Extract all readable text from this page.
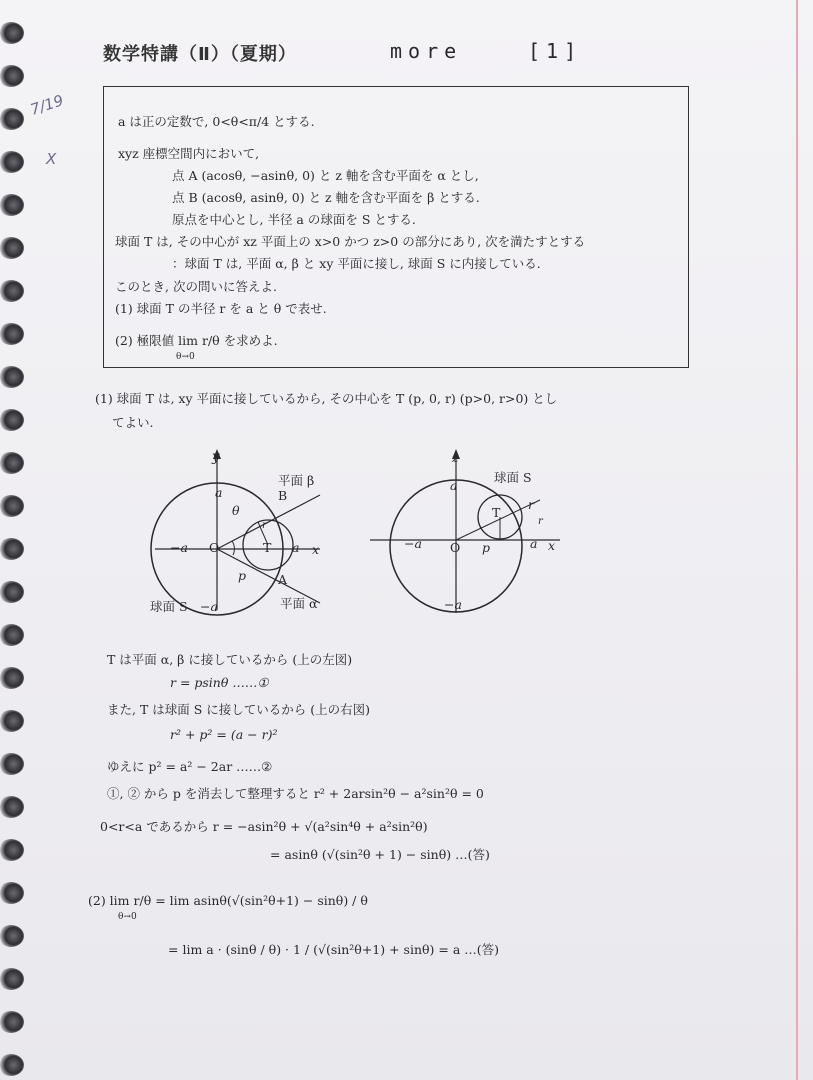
数学特講（Ⅱ）（夏期）	more	[1]
7/19
X
a は正の定数で, 0<θ<π/4 とする.
xyz 座標空間内において,
点 A (acosθ, −asinθ, 0) と z 軸を含む平面を α とし,
点 B (acosθ, asinθ, 0) と z 軸を含む平面を β とする.
原点を中心とし, 半径 a の球面を S とする.
球面 T は, その中心が xz 平面上の x>0 かつ z>0 の部分にあり, 次を満たすとする
：球面 T は, 平面 α, β と xy 平面に接し, 球面 S に内接している.
このとき, 次の問いに答えよ.
(1) 球面 T の半径 r を a と θ で表せ.
(2) 極限値 lim r/θ を求めよ.
θ→0
(1) 球面 T は, xy 平面に接しているから, その中心を T (p, 0, r) (p>0, r>0) とし
てよい.
y
a
平面 β
B
θ
r
T a x
−a O
p	A
球面 S −a	平面 α
z
a
球面 S
T
r
r
−a O p	a x
−a
T は平面 α, β に接しているから (上の左図)
r = psinθ ……①
また, T は球面 S に接しているから (上の右図)
r² + p² = (a − r)²
ゆえに p² = a² − 2ar ……②
①, ② から p を消去して整理すると r² + 2arsin²θ − a²sin²θ = 0
0<r<a であるから r = −asin²θ + √(a²sin⁴θ + a²sin²θ)
= asinθ (√(sin²θ + 1) − sinθ) …(答)
(2) lim r/θ = lim asinθ(√(sin²θ+1) − sinθ) / θ
θ→0
= lim a · (sinθ / θ) · 1 / (√(sin²θ+1) + sinθ) = a …(答)
